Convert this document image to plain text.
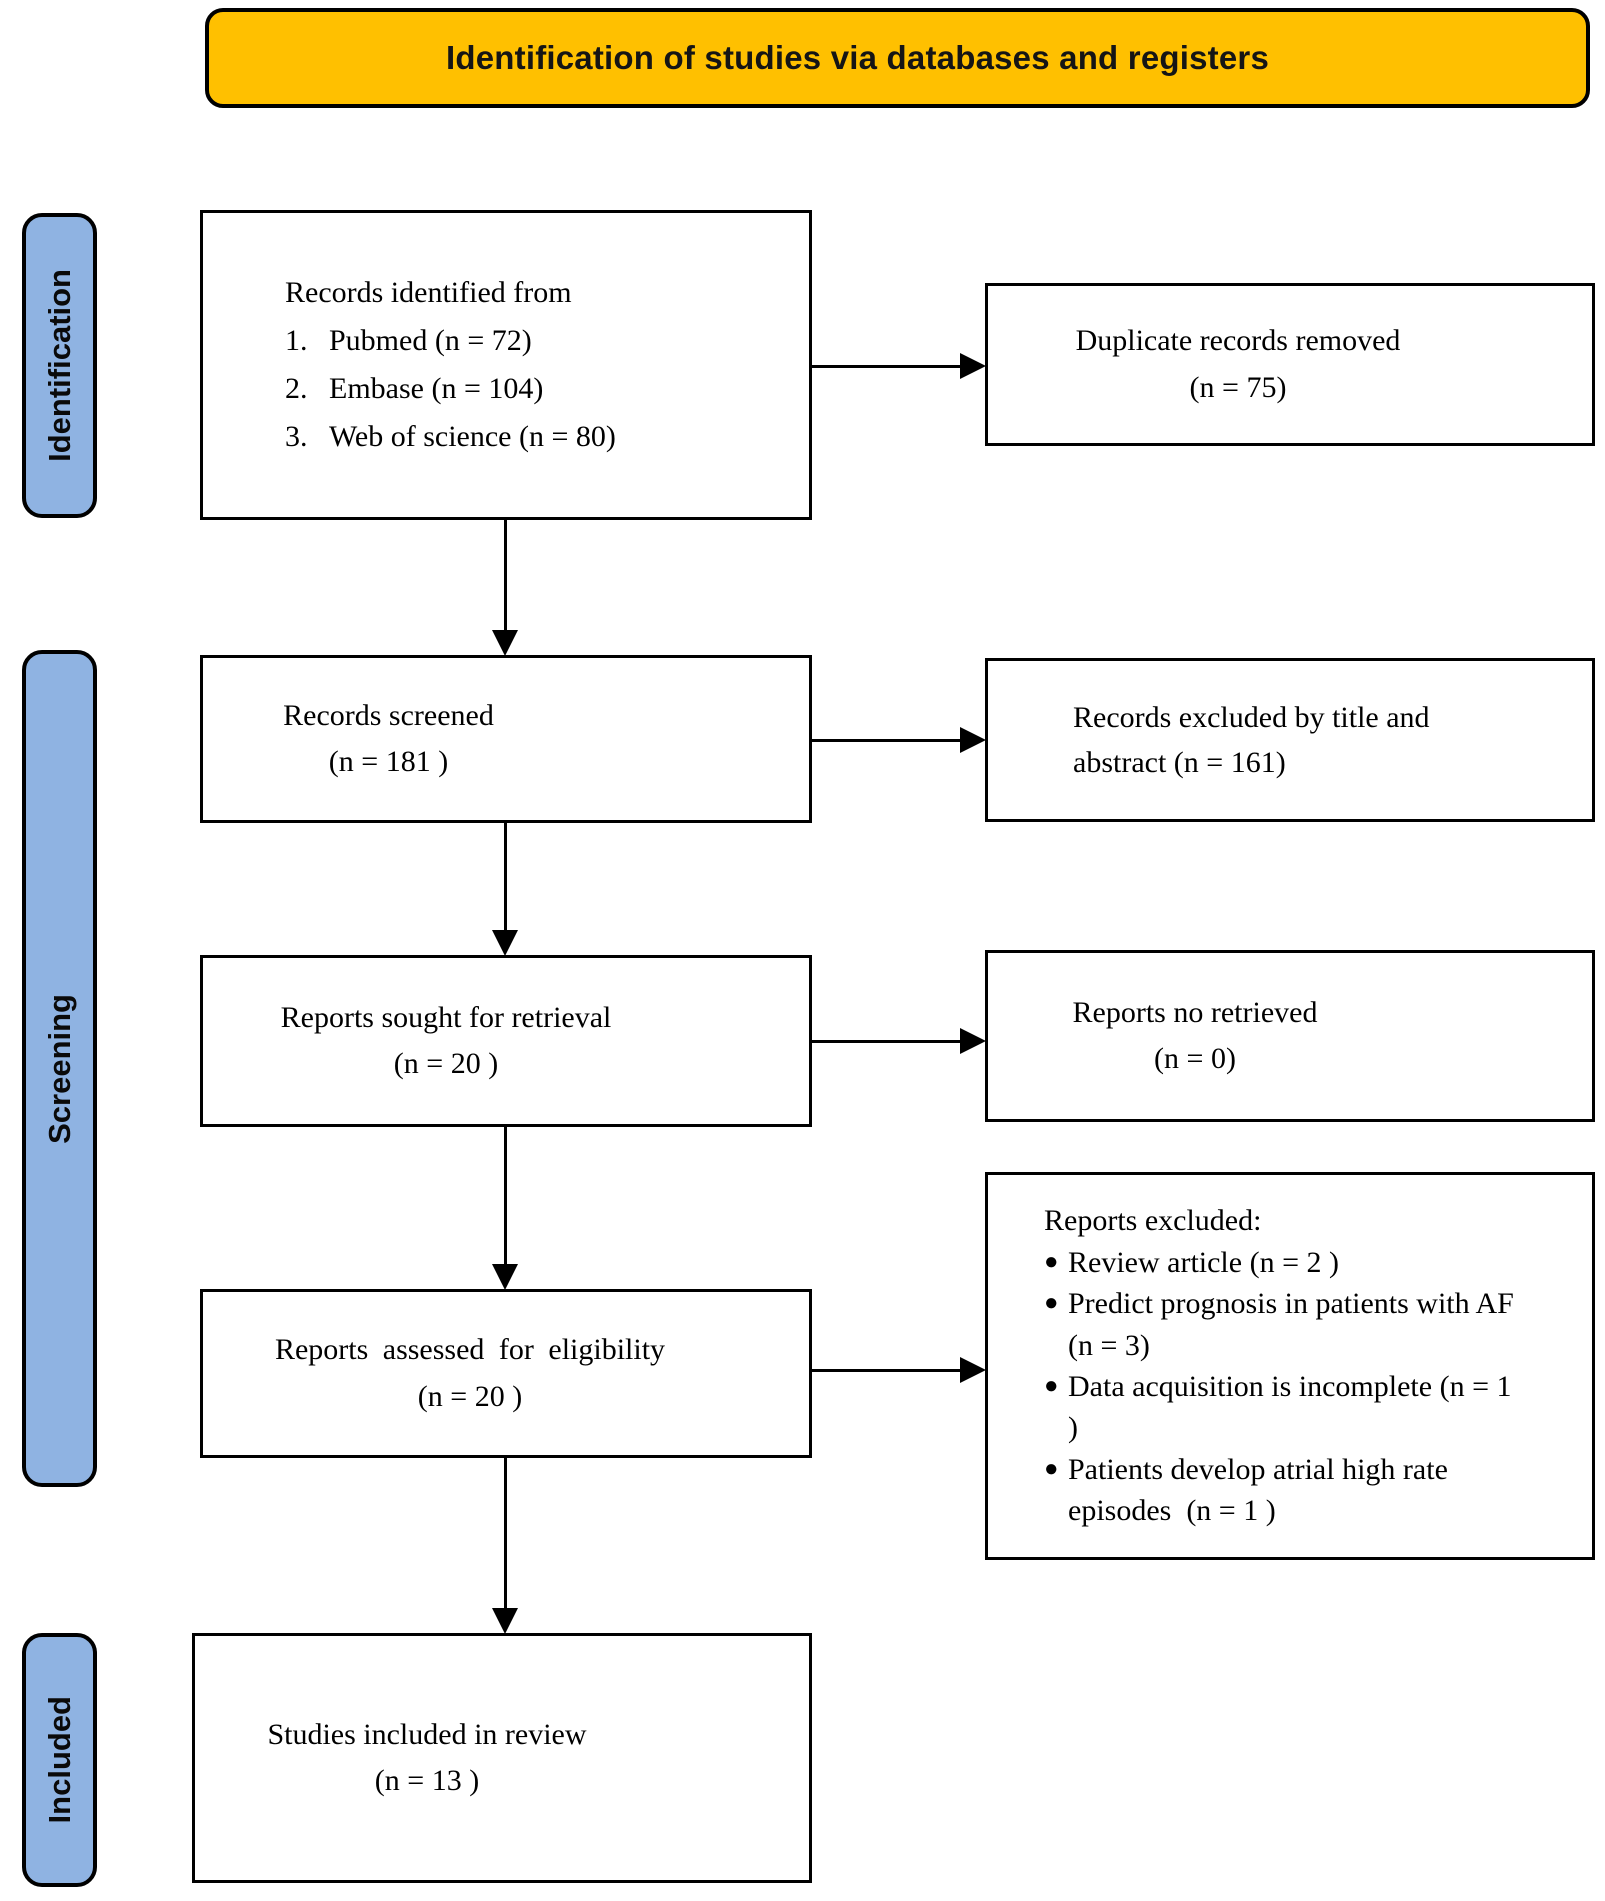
Identification of studies via databases and registers
Identification
Screening
Included
Records identified from
1. Pubmed (n = 72)
2. Embase (n = 104)
3. Web of science (n = 80)
Records screened
(n = 181 )
Reports sought for retrieval
(n = 20 )
Reports assessed for eligibility
(n = 20 )
Studies included in review
(n = 13 )
Duplicate records removed
(n = 75)
Records excluded by title and abstract (n = 161)
Reports no retrieved
(n = 0)
Reports excluded:
● Review article (n = 2 )
● Predict prognosis in patients with AF (n = 3)
● Data acquisition is incomplete (n = 1 )
● Patients develop atrial high rate episodes  (n = 1 )
